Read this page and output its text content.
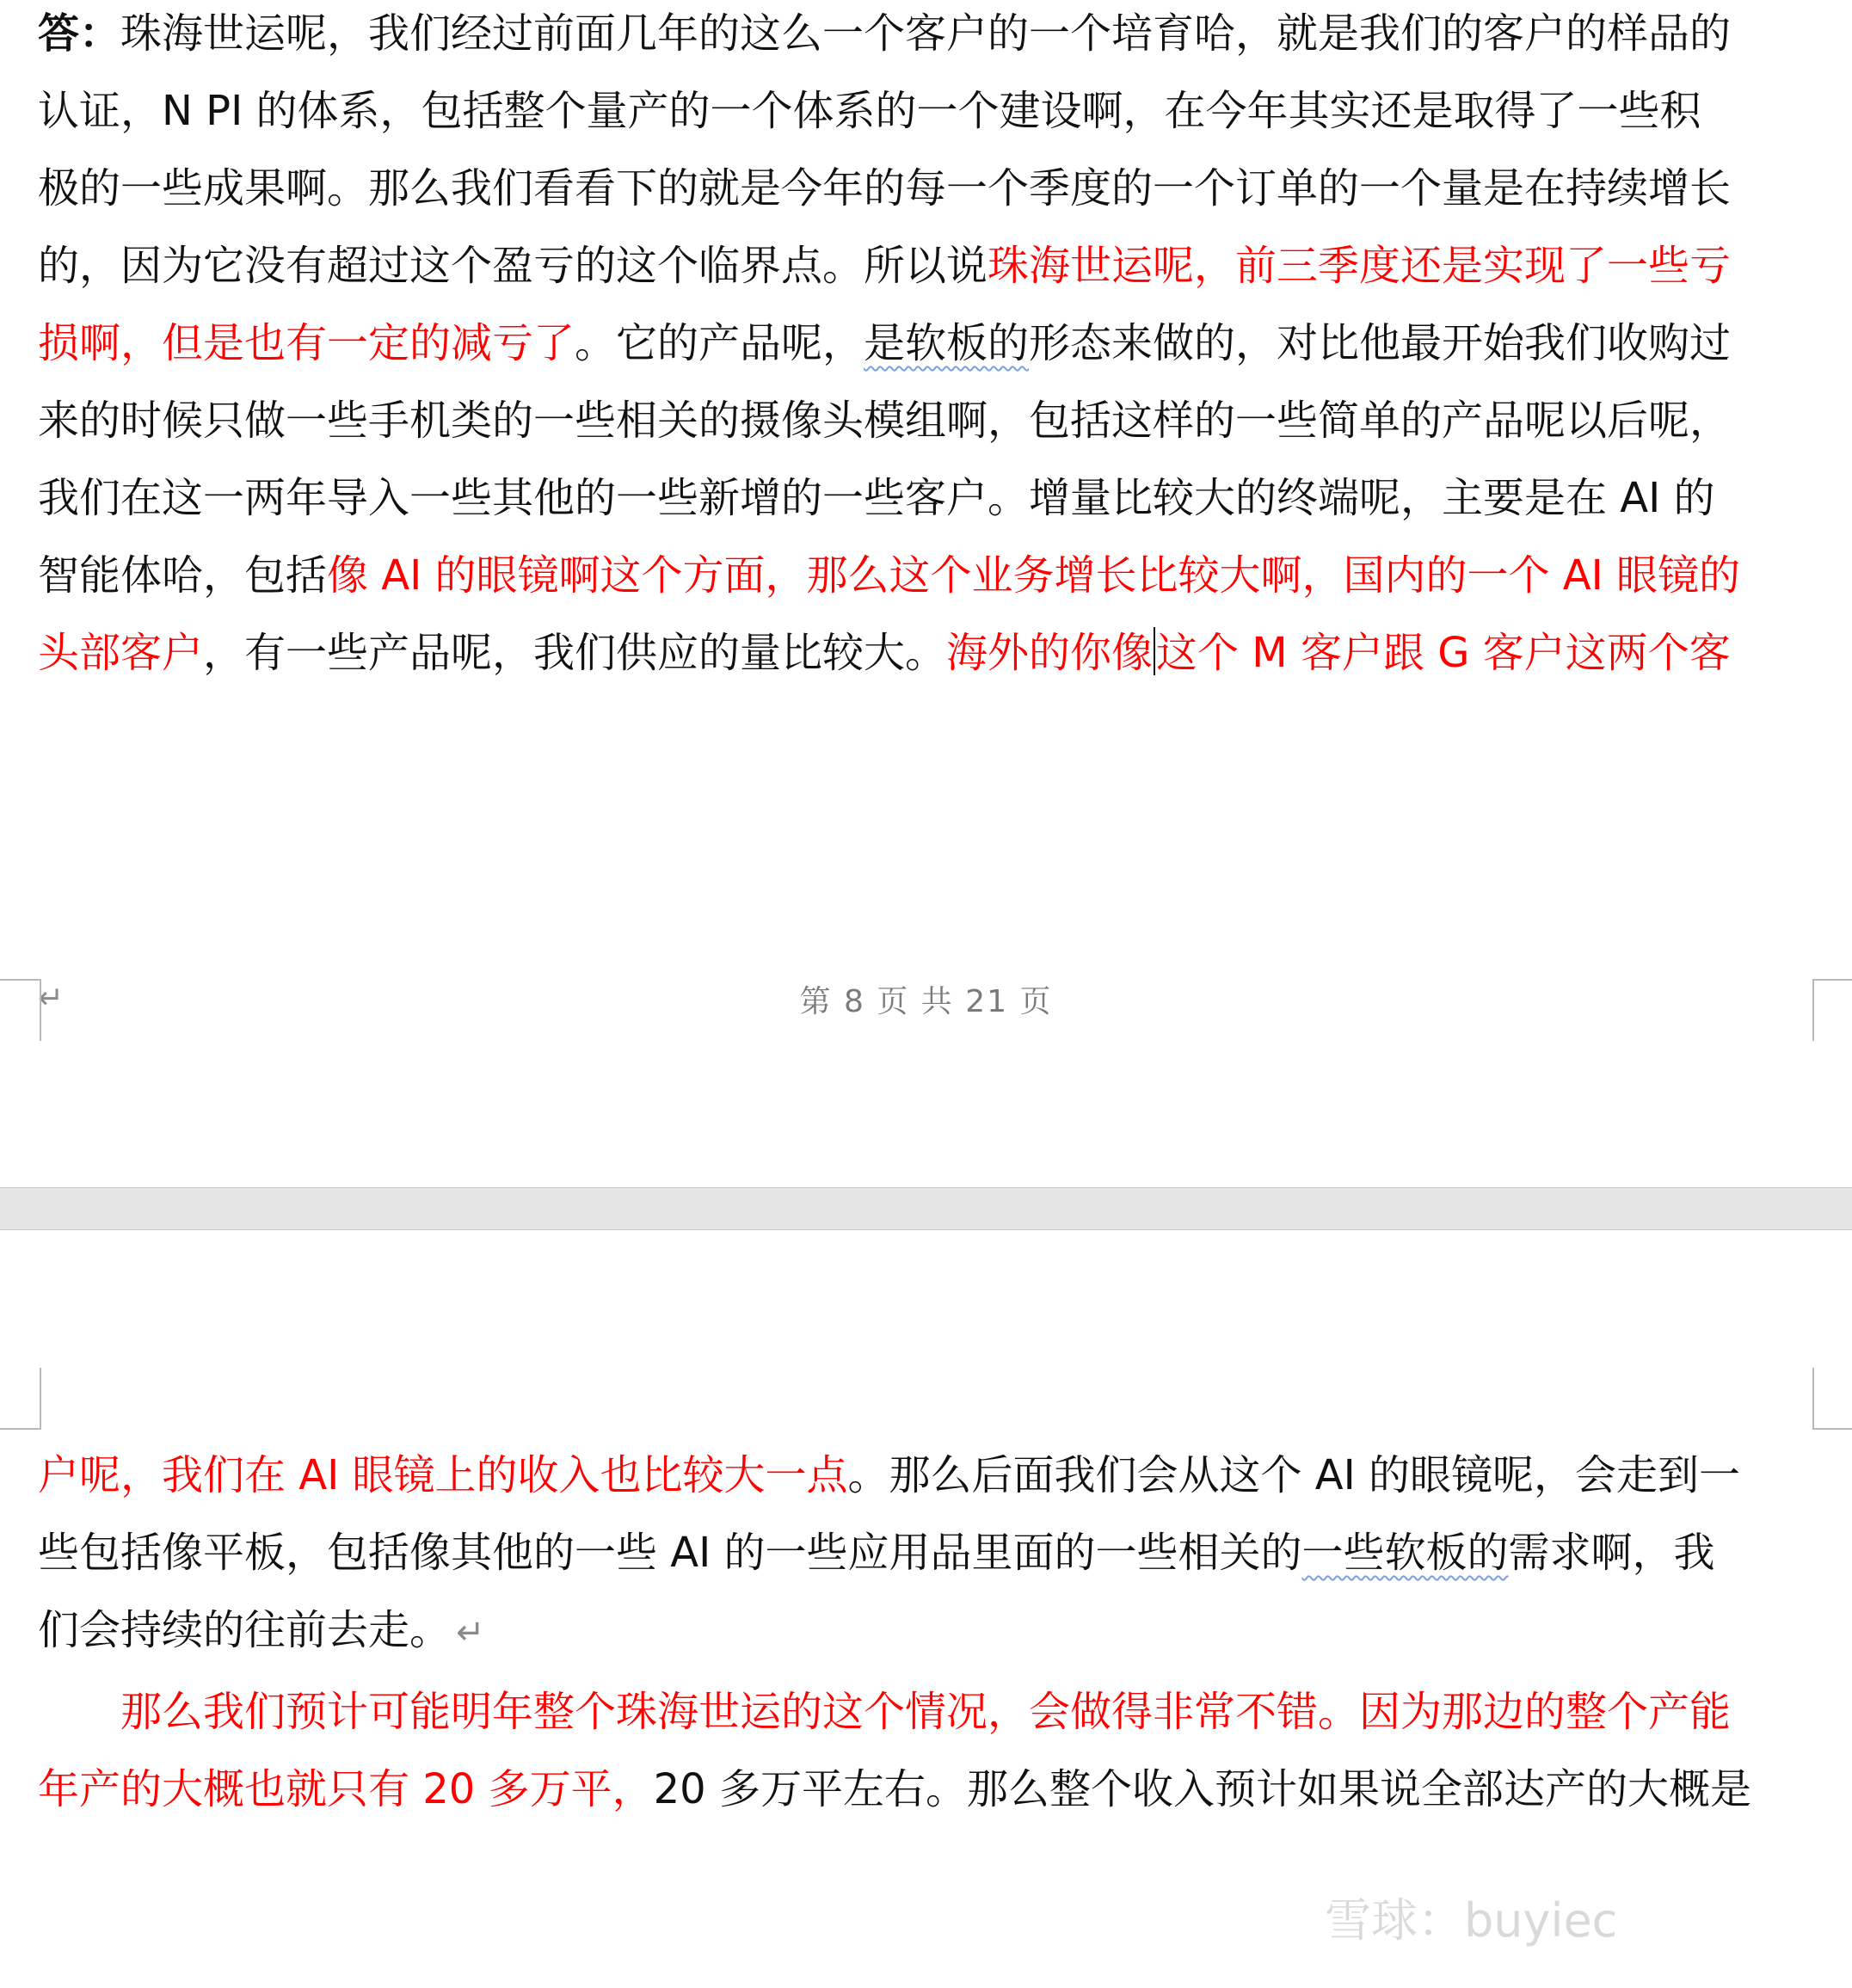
答：珠海世运呢，我们经过前面几年的这么一个客户的一个培育哈，就是我们的客户的样品的
认证，N PI 的体系，包括整个量产的一个体系的一个建设啊，在今年其实还是取得了一些积
极的一些成果啊。那么我们看看下的就是今年的每一个季度的一个订单的一个量是在持续增长
的，因为它没有超过这个盈亏的这个临界点。所以说珠海世运呢，前三季度还是实现了一些亏
损啊，但是也有一定的减亏了。它的产品呢，是软板的形态来做的，对比他最开始我们收购过
来的时候只做一些手机类的一些相关的摄像头模组啊，包括这样的一些简单的产品呢以后呢，
我们在这一两年导入一些其他的一些新增的一些客户。增量比较大的终端呢，主要是在 AI 的
智能体哈，包括像 AI 的眼镜啊这个方面，那么这个业务增长比较大啊，国内的一个 AI 眼镜的
头部客户，有一些产品呢，我们供应的量比较大。海外的你像这个 M 客户跟 G 客户这两个客
↵	第 8 页 共 21 页
户呢，我们在 AI 眼镜上的收入也比较大一点。那么后面我们会从这个 AI 的眼镜呢，会走到一
些包括像平板，包括像其他的一些 AI 的一些应用品里面的一些相关的一些软板的需求啊，我
们会持续的往前去走。 ↵
　　那么我们预计可能明年整个珠海世运的这个情况，会做得非常不错。因为那边的整个产能
年产的大概也就只有 20 多万平，20 多万平左右。那么整个收入预计如果说全部达产的大概是
雪球：buyiec
